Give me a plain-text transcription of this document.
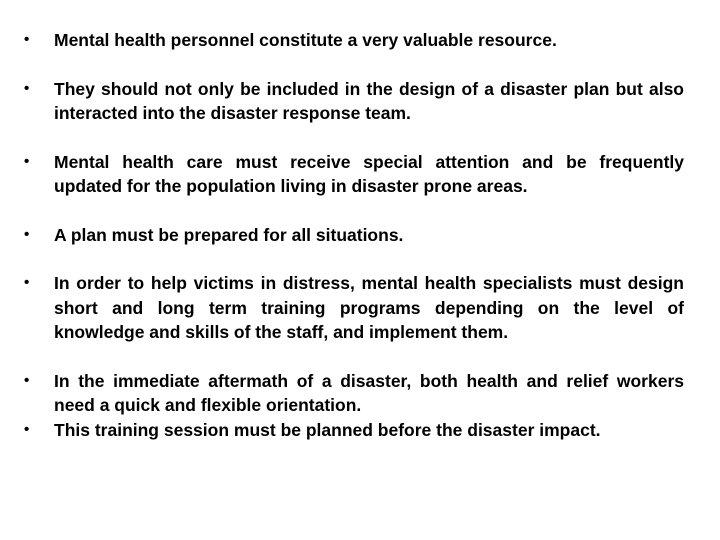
•	Mental health personnel constitute a very valuable resource.
•	They should not only be included in the design of a disaster plan but also interacted into the disaster response team.
•	Mental health care must receive special attention and be frequently updated for the population living in disaster prone areas.
•	A plan must be prepared for all situations.
•	In order to help victims in distress, mental health specialists must design short and long term training programs depending on the level of knowledge and skills of the staff, and implement them.
•	In the immediate aftermath of a disaster, both health and relief workers need a quick and flexible orientation.
•	This training session must be planned before the disaster impact.
